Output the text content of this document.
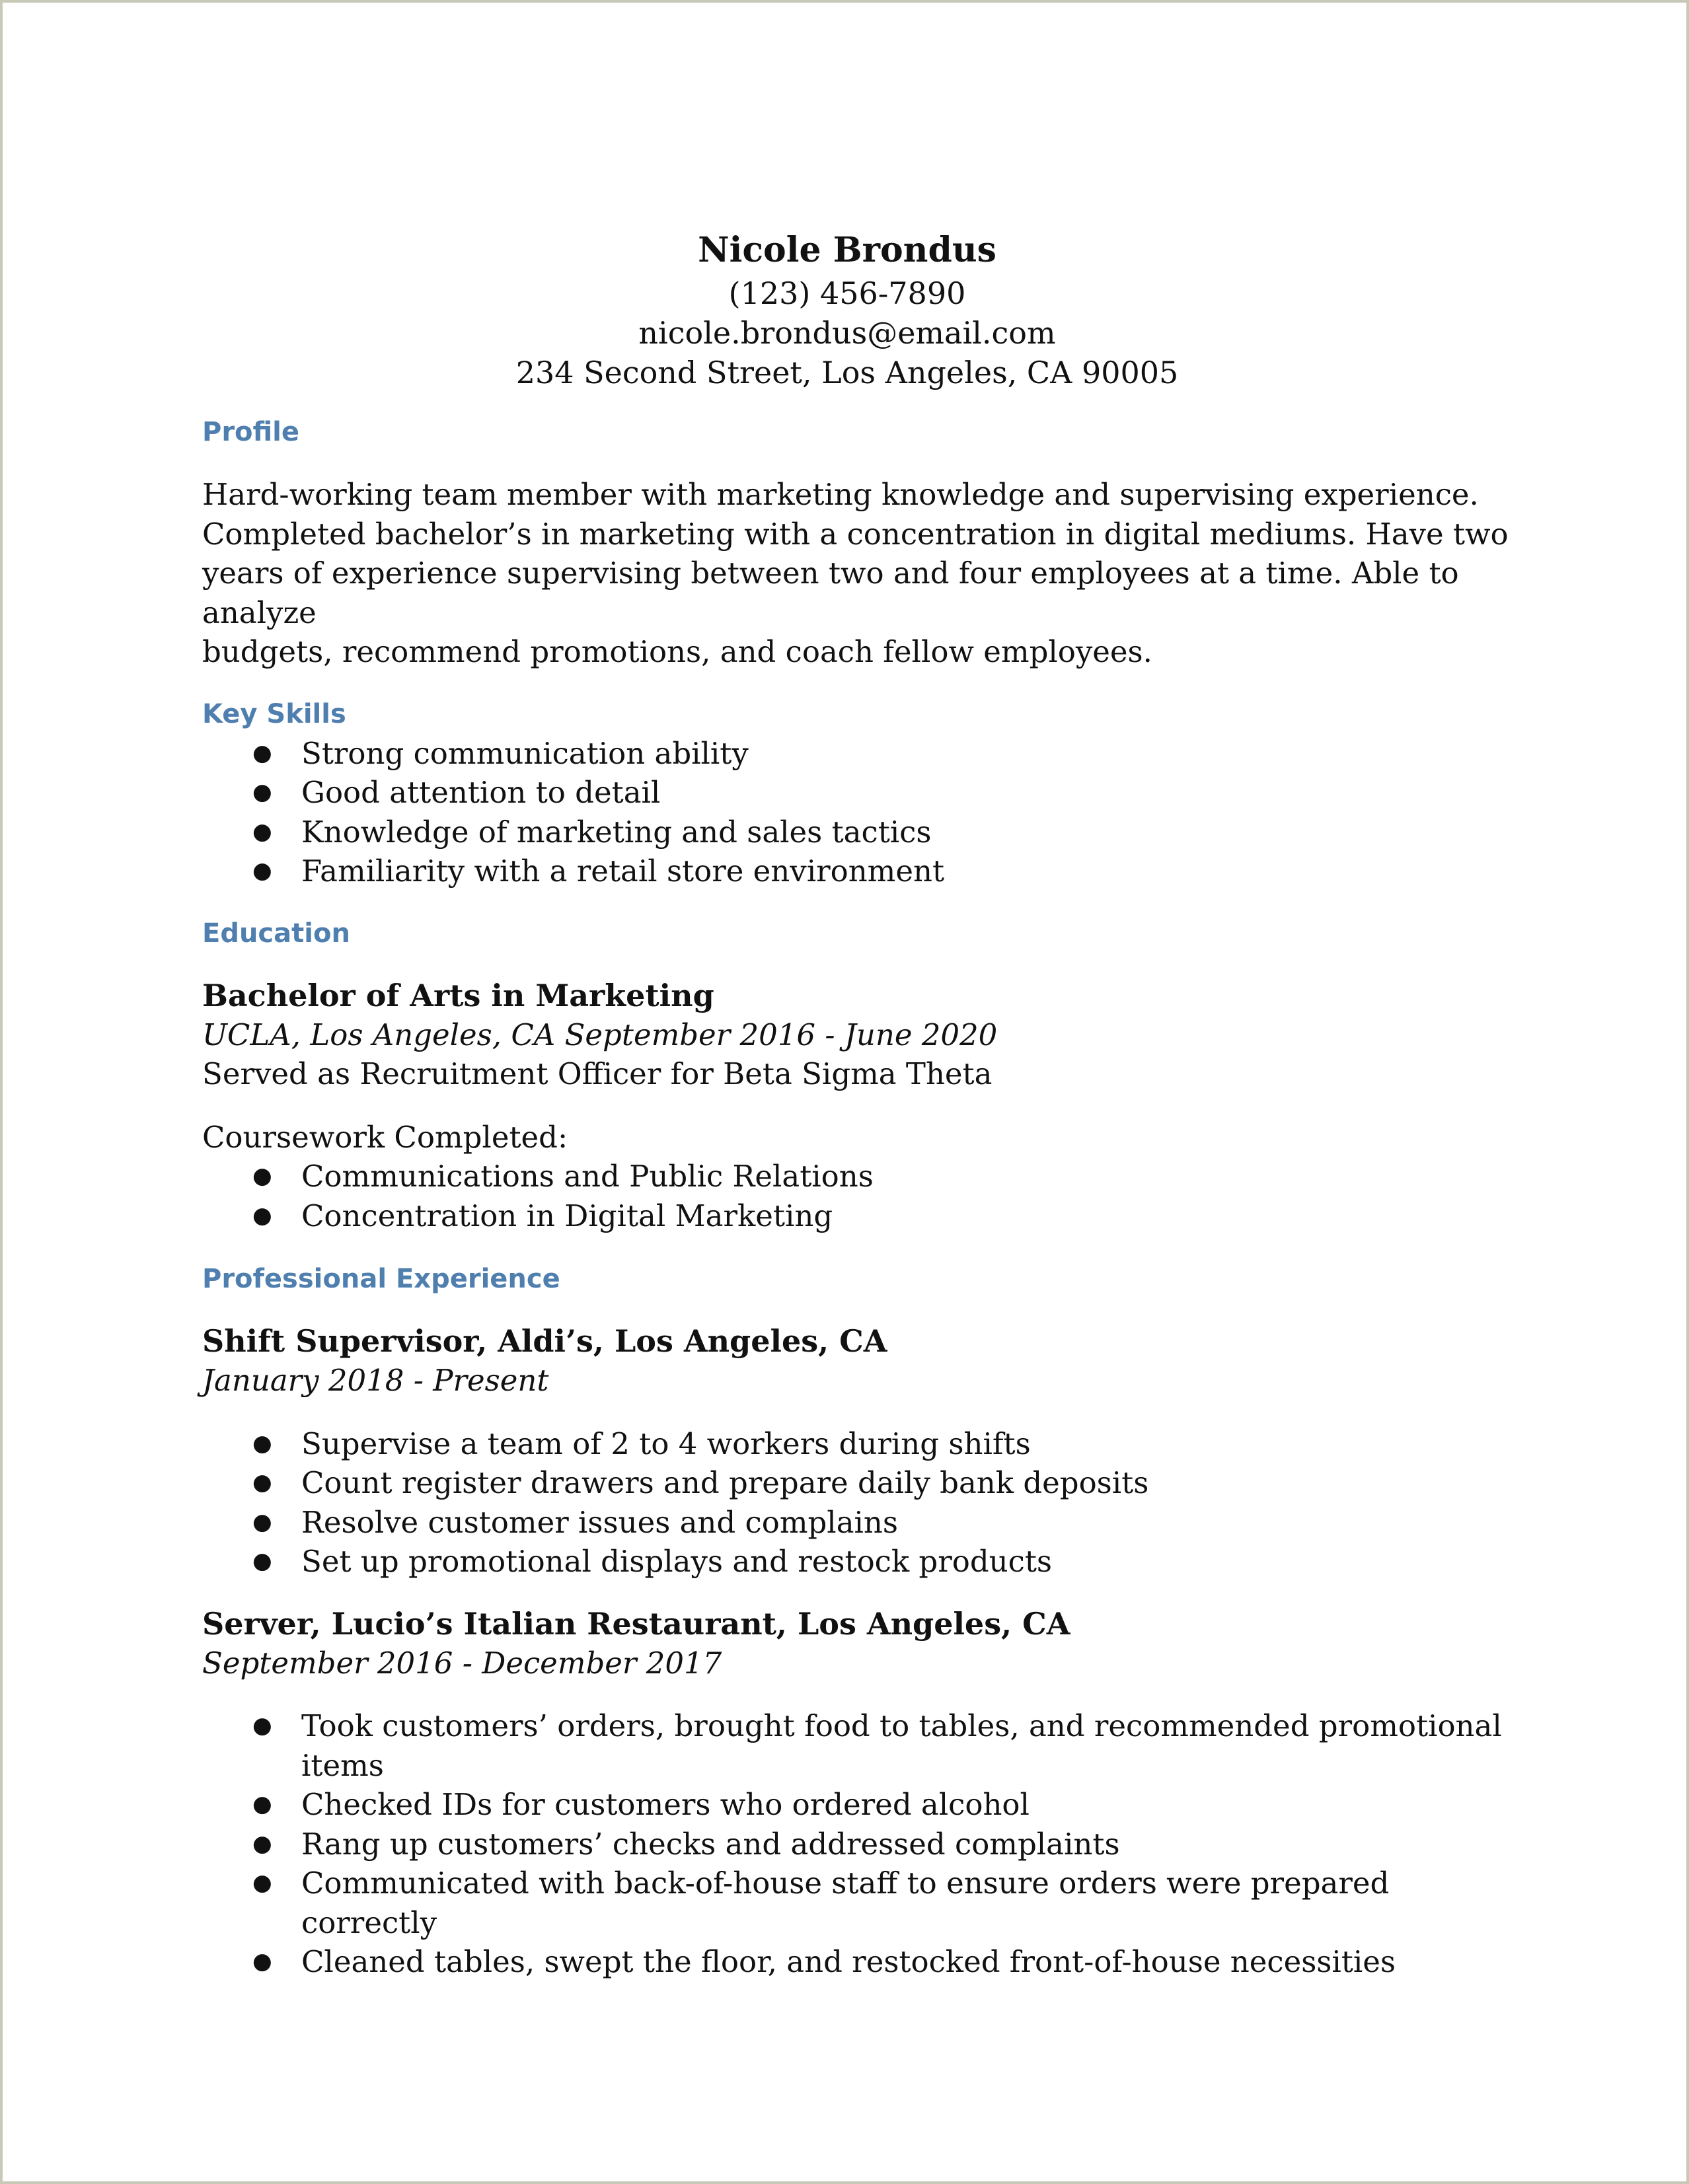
Nicole Brondus

(123) 456-7890

nicole.brondus@email.com

234 Second Street, Los Angeles, CA 90005

Profile

Hard-working team member with marketing knowledge and supervising experience.

Completed bachelor’s in marketing with a concentration in digital mediums. Have two

years of experience supervising between two and four employees at a time. Able to analyze

budgets, recommend promotions, and coach fellow employees.

Key Skills

● Strong communication ability
● Good attention to detail
● Knowledge of marketing and sales tactics
● Familiarity with a retail store environment

Education

Bachelor of Arts in Marketing

UCLA, Los Angeles, CA September 2016 - June 2020

Served as Recruitment Officer for Beta Sigma Theta

Coursework Completed:

● Communications and Public Relations
● Concentration in Digital Marketing

Professional Experience

Shift Supervisor, Aldi’s, Los Angeles, CA

January 2018 - Present

● Supervise a team of 2 to 4 workers during shifts
● Count register drawers and prepare daily bank deposits
● Resolve customer issues and complains
● Set up promotional displays and restock products

Server, Lucio’s Italian Restaurant, Los Angeles, CA

September 2016 - December 2017

● Took customers’ orders, brought food to tables, and recommended promotional
items
● Checked IDs for customers who ordered alcohol
● Rang up customers’ checks and addressed complaints
● Communicated with back-of-house staff to ensure orders were prepared correctly
● Cleaned tables, swept the floor, and restocked front-of-house necessities
